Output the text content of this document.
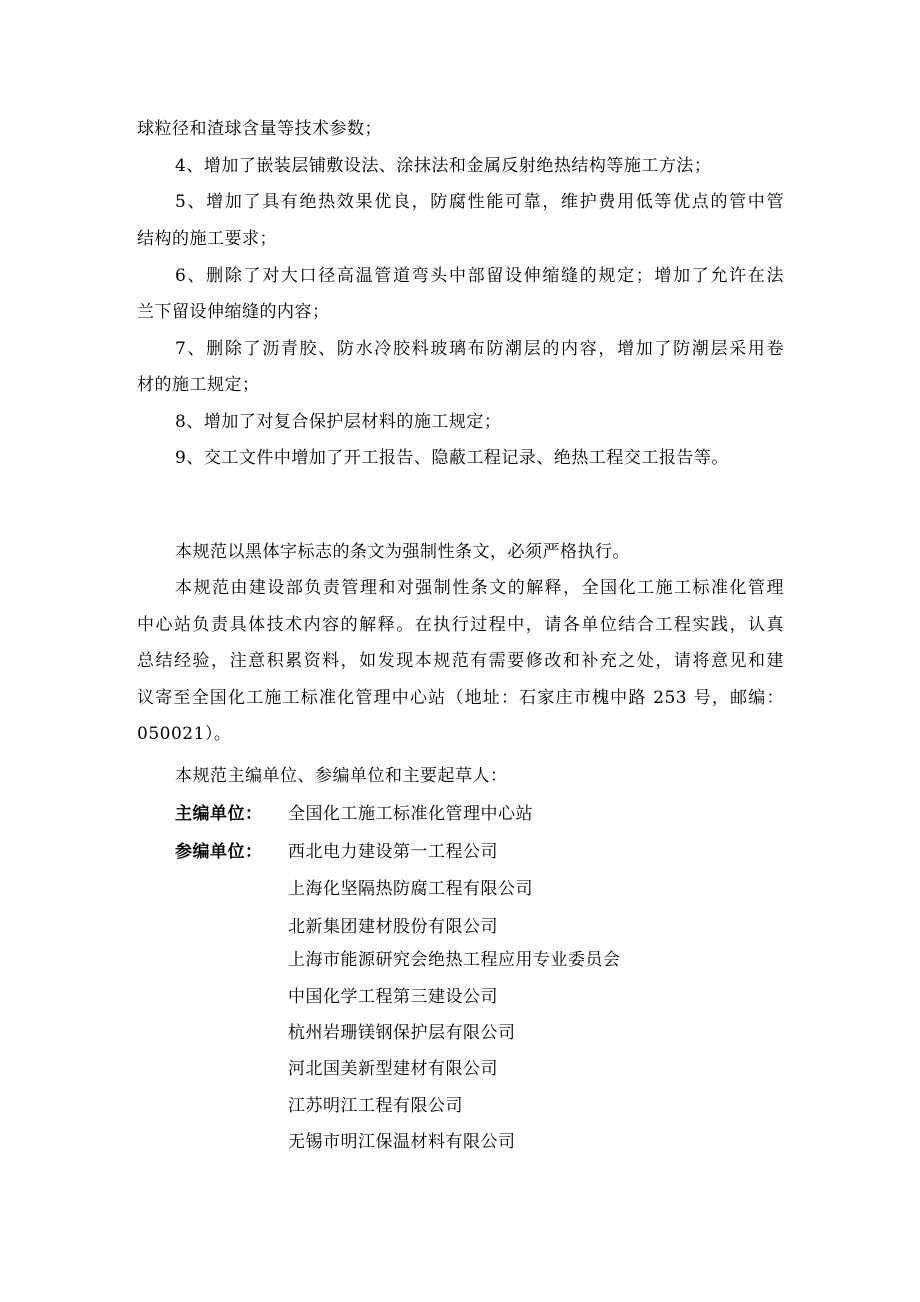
球粒径和渣球含量等技术参数；
4、增加了嵌装层铺敷设法、涂抹法和金属反射绝热结构等施工方法；
5、增加了具有绝热效果优良，防腐性能可靠，维护费用低等优点的管中管
结构的施工要求；
6、删除了对大口径高温管道弯头中部留设伸缩缝的规定；增加了允许在法
兰下留设伸缩缝的内容；
7、删除了沥青胶、防水冷胶料玻璃布防潮层的内容，增加了防潮层采用卷
材的施工规定；
8、增加了对复合保护层材料的施工规定；
9、交工文件中增加了开工报告、隐蔽工程记录、绝热工程交工报告等。
本规范以黑体字标志的条文为强制性条文，必须严格执行。
本规范由建设部负责管理和对强制性条文的解释，全国化工施工标准化管理
中心站负责具体技术内容的解释。在执行过程中，请各单位结合工程实践，认真
总结经验，注意积累资料，如发现本规范有需要修改和补充之处，请将意见和建
议寄至全国化工施工标准化管理中心站（地址：石家庄市槐中路 253 号，邮编：
050021）。
本规范主编单位、参编单位和主要起草人：
主编单位： 全国化工施工标准化管理中心站
参编单位： 西北电力建设第一工程公司
上海化坚隔热防腐工程有限公司
北新集团建材股份有限公司
上海市能源研究会绝热工程应用专业委员会
中国化学工程第三建设公司
杭州岩珊镁钢保护层有限公司
河北国美新型建材有限公司
江苏明江工程有限公司
无锡市明江保温材料有限公司
